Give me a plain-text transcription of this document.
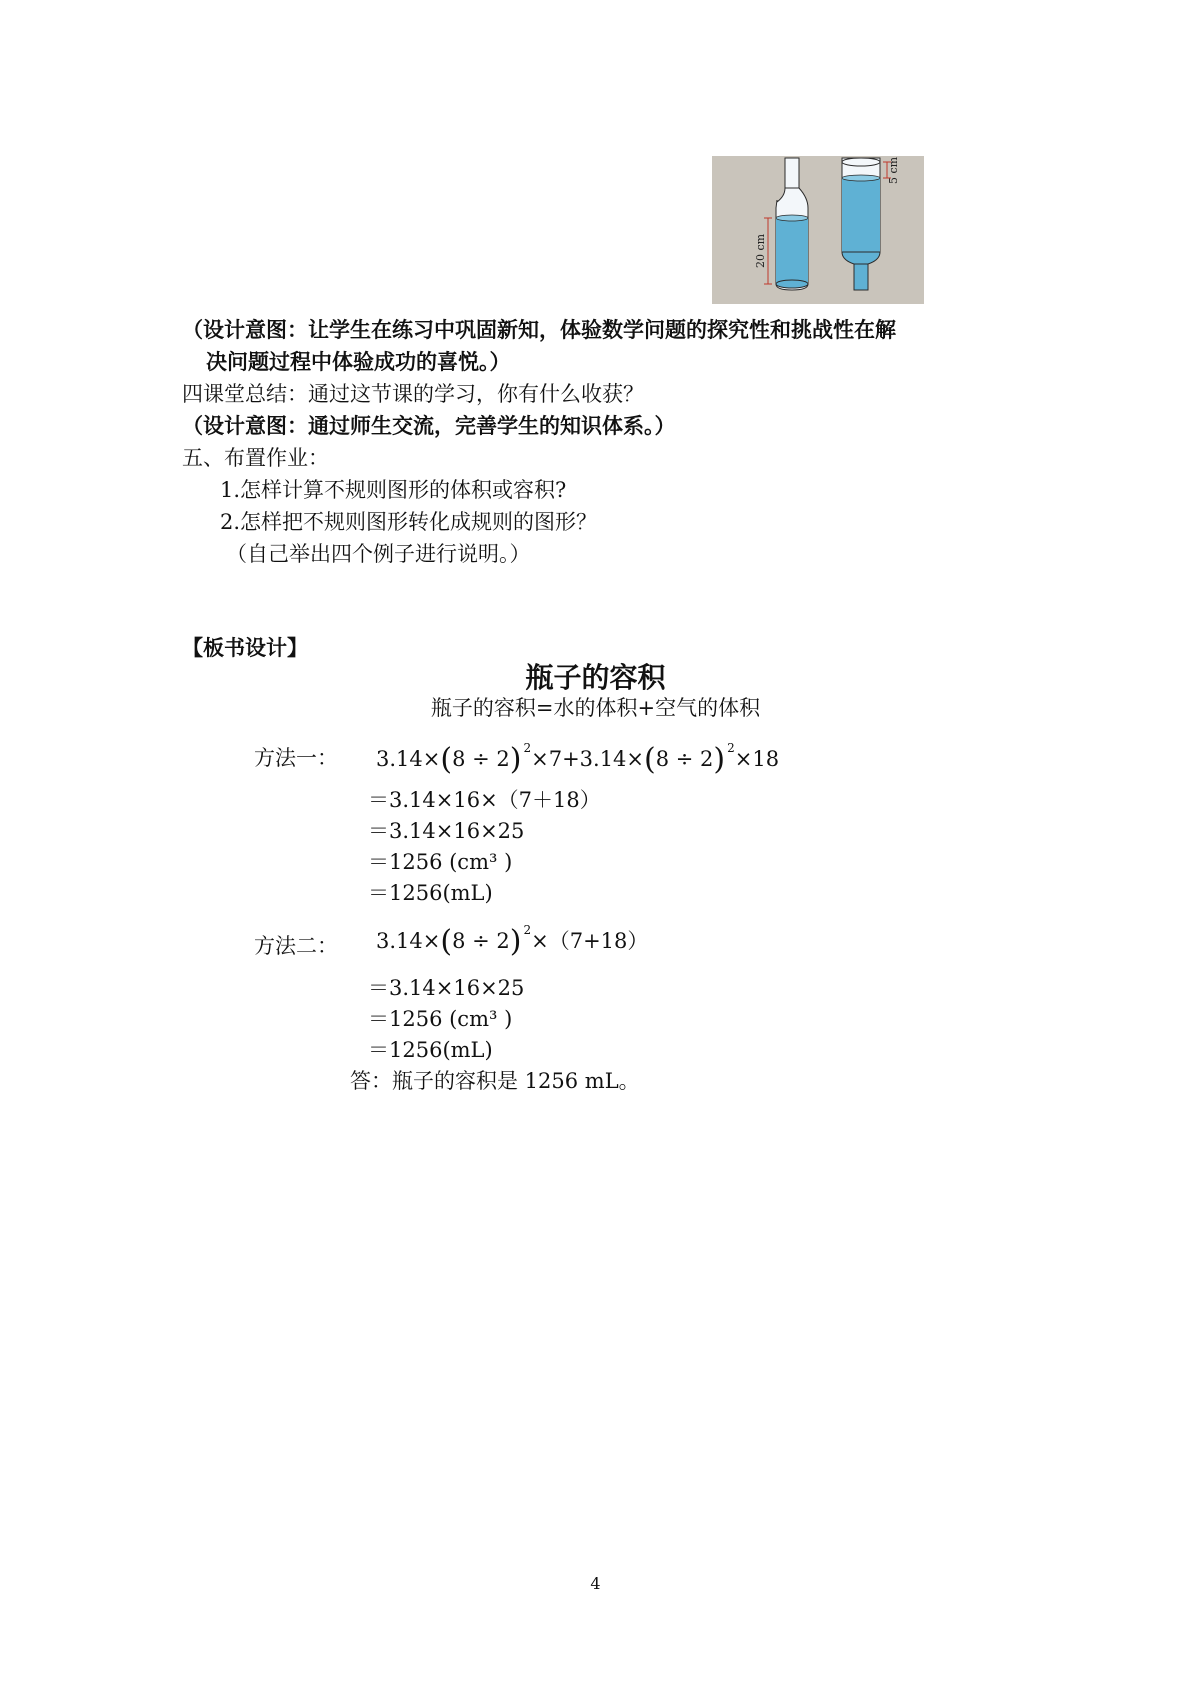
20 cm
5 cm
（设计意图：让学生在练习中巩固新知，体验数学问题的探究性和挑战性在解
决问题过程中体验成功的喜悦。）
四课堂总结：通过这节课的学习，你有什么收获？
（设计意图：通过师生交流，完善学生的知识体系。）
五、布置作业：
1.怎样计算不规则图形的体积或容积?
2.怎样把不规则图形转化成规则的图形？
（自己举出四个例子进行说明。）
【板书设计】
瓶子的容积
瓶子的容积=水的体积+空气的体积
方法一： 3.14×(8 ÷ 2) $^2$×7+3.14×(8 ÷ 2) $^2$×18
＝3.14×16×（7＋18）
＝3.14×16×25
＝1256 (cm³ )
＝1256(mL)
方法二： 3.14×(8 ÷ 2) $^2$×（7+18）
＝3.14×16×25
＝1256 (cm³ )
＝1256(mL)
答：瓶子的容积是 1256 mL。
4
